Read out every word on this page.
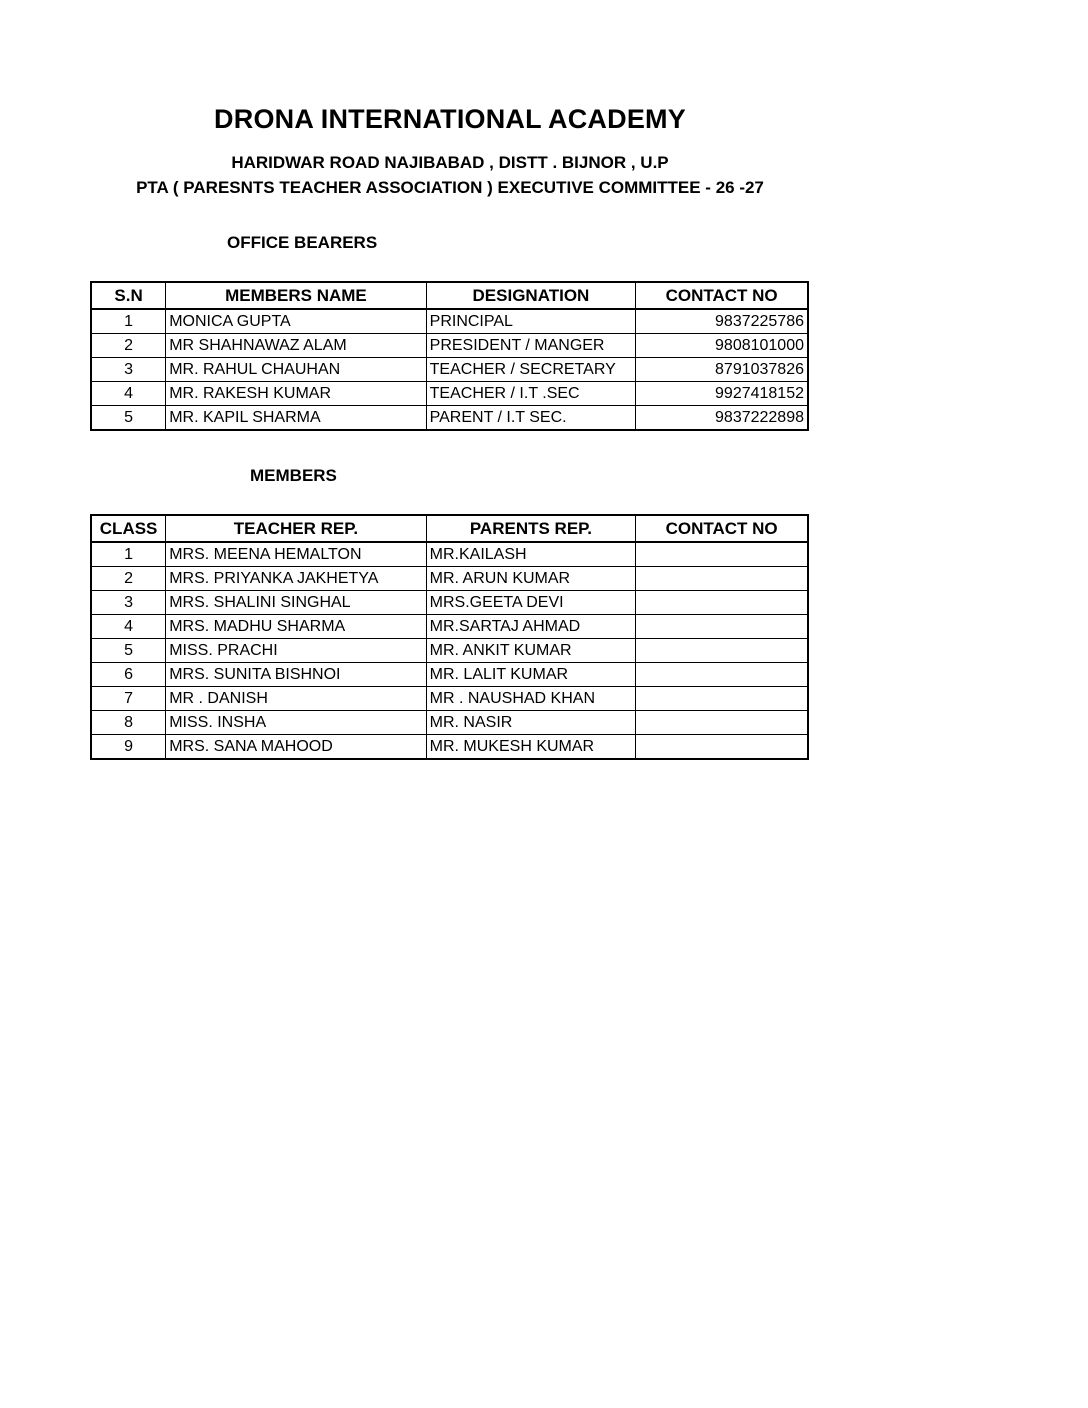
DRONA INTERNATIONAL ACADEMY
HARIDWAR ROAD NAJIBABAD , DISTT . BIJNOR , U.P
PTA ( PARESNTS TEACHER ASSOCIATION ) EXECUTIVE COMMITTEE - 26 -27
OFFICE BEARERS
S.N	MEMBERS NAME	DESIGNATION	CONTACT NO
1	MONICA GUPTA	PRINCIPAL	9837225786
2	MR SHAHNAWAZ ALAM	PRESIDENT / MANGER	9808101000
3	MR. RAHUL CHAUHAN	TEACHER / SECRETARY	8791037826
4	MR. RAKESH KUMAR	TEACHER / I.T .SEC	9927418152
5	MR. KAPIL SHARMA	PARENT / I.T SEC.	9837222898
MEMBERS
CLASS	TEACHER REP.	PARENTS REP.	CONTACT NO
1	MRS. MEENA HEMALTON	MR.KAILASH	
2	MRS. PRIYANKA JAKHETYA	MR. ARUN KUMAR	
3	MRS. SHALINI SINGHAL	MRS.GEETA DEVI	
4	MRS. MADHU SHARMA	MR.SARTAJ AHMAD	
5	MISS. PRACHI	MR. ANKIT KUMAR	
6	MRS. SUNITA BISHNOI	MR. LALIT KUMAR	
7	MR . DANISH	MR . NAUSHAD KHAN	
8	MISS. INSHA	MR. NASIR	
9	MRS. SANA MAHOOD	MR. MUKESH KUMAR	
